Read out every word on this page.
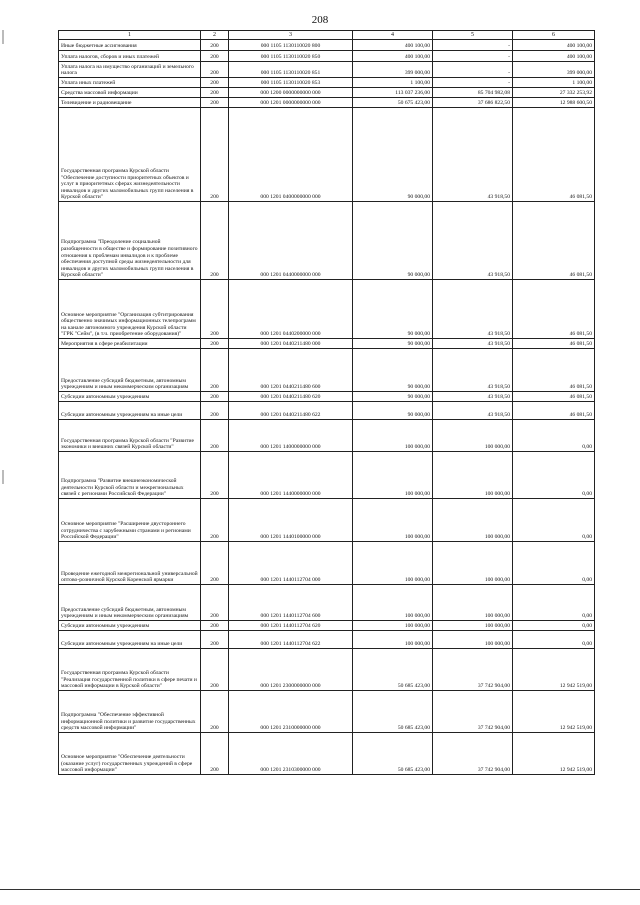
208
1	2	3	4	5	6
Иные бюджетные ассигнования	200	000 1105 1130110020 800	400 100,00	-	400 100,00
Уплата налогов, сборов и иных платежей	200	000 1105 1130110020 850	400 100,00	-	400 100,00
Уплата налога на имущество организаций и земельного налога	200	000 1105 1130110020 851	399 000,00	-	399 000,00
Уплата иных платежей	200	000 1105 1130110020 853	1 100,00	-	1 100,00
Средства массовой информации	200	000 1200 0000000000 000	113 037 236,00	85 704 982,08	27 332 253,92
Телевидение и радиовещание	200	000 1201 0000000000 000	50 675 423,00	37 686 822,50	12 988 600,50
Государственная программа Курской области "Обеспечение доступности приоритетных объектов и услуг в приоритетных сферах жизнедеятельности инвалидов и других маломобильных групп населения в Курской области"	200	000 1201 0400000000 000	90 000,00	43 918,50	46 081,50
Подпрограмма "Преодоление социальной разобщенности в обществе и формирование позитивного отношения к проблемам инвалидов и к проблеме обеспечения доступной среды жизнедеятельности для инвалидов и других маломобильных групп населения в Курской области"	200	000 1201 0440000000 000	90 000,00	43 918,50	46 081,50
Основное мероприятие "Организация субтитрирования общественно значимых информационных телепрограмм на канале автономного учреждения Курской области "ГРК "Сейм", (в т.ч. приобретение оборудования)"	200	000 1201 0440200000 000	90 000,00	43 918,50	46 081,50
Мероприятия в сфере реабилитации	200	000 1201 0440211480 000	90 000,00	43 918,50	46 081,50
Предоставление субсидий бюджетным, автономным учреждениям и иным некоммерческим организациям	200	000 1201 0440211480 600	90 000,00	43 918,50	46 081,50
Субсидии автономным учреждениям	200	000 1201 0440211480 620	90 000,00	43 918,50	46 081,50
Субсидии автономным учреждениям на иные цели	200	000 1201 0440211480 622	90 000,00	43 918,50	46 081,50
Государственная программа Курской области "Развитие экономики и внешних связей Курской области"	200	000 1201 1400000000 000	100 000,00	100 000,00	0,00
Подпрограмма "Развитие внешнеэкономической деятельности Курской области и межрегиональных связей с регионами Российской Федерации"	200	000 1201 1440000000 000	100 000,00	100 000,00	0,00
Основное мероприятие "Расширение двустороннего сотрудничества с зарубежными странами и регионами Российской Федерации"	200	000 1201 1440100000 000	100 000,00	100 000,00	0,00
Проведение ежегодной межрегиональной универсальной оптово-розничной Курской Коренской ярмарки	200	000 1201 1440112704 000	100 000,00	100 000,00	0,00
Предоставление субсидий бюджетным, автономным учреждениям и иным некоммерческим организациям	200	000 1201 1440112704 600	100 000,00	100 000,00	0,00
Субсидии автономным учреждениям	200	000 1201 1440112704 620	100 000,00	100 000,00	0,00
Субсидии автономным учреждениям на иные цели	200	000 1201 1440112704 622	100 000,00	100 000,00	0,00
Государственная программа Курской области "Реализация государственной политики в сфере печати и массовой информации в Курской области"	200	000 1201 2300000000 000	50 685 423,00	37 742 904,00	12 942 519,00
Подпрограмма "Обеспечение эффективной информационной политики и развитие государственных средств массовой информации"	200	000 1201 2310000000 000	50 685 423,00	37 742 904,00	12 942 519,00
Основное мероприятие "Обеспечение деятельности (оказание услуг) государственных учреждений в сфере массовой информации"	200	000 1201 2310300000 000	50 685 423,00	37 742 904,00	12 942 519,00
